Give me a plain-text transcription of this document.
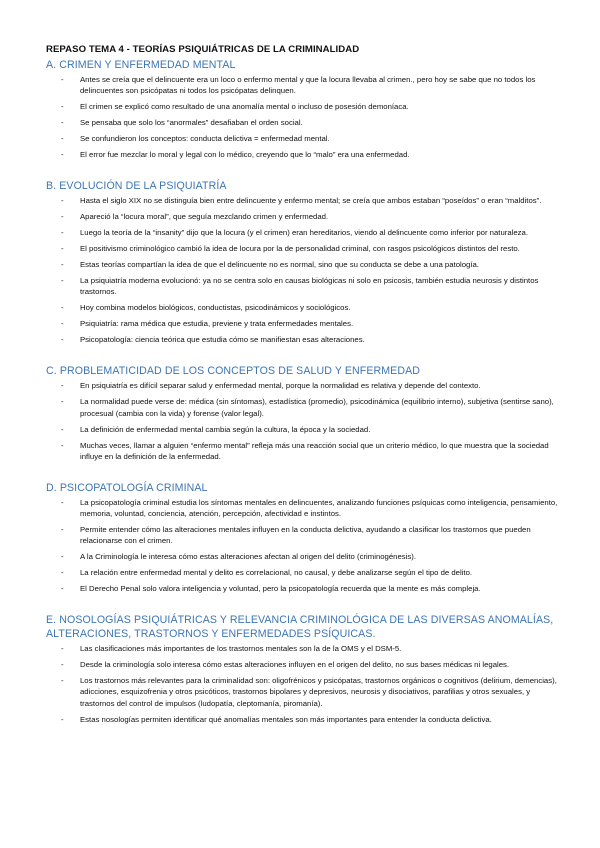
REPASO TEMA 4 - TEORÍAS PSIQUIÁTRICAS DE LA CRIMINALIDAD
A. CRIMEN Y ENFERMEDAD MENTAL
- Antes se creía que el delincuente era un loco o enfermo mental y que la locura llevaba al crimen., pero hoy se sabe que no todos los delincuentes son psicópatas ni todos los psicópatas delinquen.
- El crimen se explicó como resultado de una anomalía mental o incluso de posesión demoníaca.
- Se pensaba que solo los “anormales” desafiaban el orden social.
- Se confundieron los conceptos: conducta delictiva = enfermedad mental.
- El error fue mezclar lo moral y legal con lo médico, creyendo que lo “malo” era una enfermedad.
B. EVOLUCIÓN DE LA PSIQUIATRÍA
- Hasta el siglo XIX no se distinguía bien entre delincuente y enfermo mental; se creía que ambos estaban “poseídos” o eran “malditos”.
- Apareció la “locura moral”, que seguía mezclando crimen y enfermedad.
- Luego la teoría de la “insanity” dijo que la locura (y el crimen) eran hereditarios, viendo al delincuente como inferior por naturaleza.
- El positivismo criminológico cambió la idea de locura por la de personalidad criminal, con rasgos psicológicos distintos del resto.
- Estas teorías compartían la idea de que el delincuente no es normal, sino que su conducta se debe a una patología.
- La psiquiatría moderna evolucionó: ya no se centra solo en causas biológicas ni solo en psicosis, también estudia neurosis y distintos trastornos.
- Hoy combina modelos biológicos, conductistas, psicodinámicos y sociológicos.
- Psiquiatría: rama médica que estudia, previene y trata enfermedades mentales.
- Psicopatología: ciencia teórica que estudia cómo se manifiestan esas alteraciones.
C. PROBLEMATICIDAD DE LOS CONCEPTOS DE SALUD Y ENFERMEDAD
- En psiquiatría es difícil separar salud y enfermedad mental, porque la normalidad es relativa y depende del contexto.
- La normalidad puede verse de: médica (sin síntomas), estadística (promedio), psicodinámica (equilibrio interno), subjetiva (sentirse sano), procesual (cambia con la vida) y forense (valor legal).
- La definición de enfermedad mental cambia según la cultura, la época y la sociedad.
- Muchas veces, llamar a alguien “enfermo mental” refleja más una reacción social que un criterio médico, lo que muestra que la sociedad influye en la definición de la enfermedad.
D. PSICOPATOLOGÍA CRIMINAL
- La psicopatología criminal estudia los síntomas mentales en delincuentes, analizando funciones psíquicas como inteligencia, pensamiento, memoria, voluntad, conciencia, atención, percepción, afectividad e instintos.
- Permite entender cómo las alteraciones mentales influyen en la conducta delictiva, ayudando a clasificar los trastornos que pueden relacionarse con el crimen.
- A la Criminología le interesa cómo estas alteraciones afectan al origen del delito (criminogénesis).
- La relación entre enfermedad mental y delito es correlacional, no causal, y debe analizarse según el tipo de delito.
- El Derecho Penal solo valora inteligencia y voluntad, pero la psicopatología recuerda que la mente es más compleja.
E. NOSOLOGÍAS PSIQUIÁTRICAS Y RELEVANCIA CRIMINOLÓGICA DE LAS DIVERSAS ANOMALÍAS, ALTERACIONES, TRASTORNOS Y ENFERMEDADES PSÍQUICAS.
- Las clasificaciones más importantes de los trastornos mentales son la de la OMS y el DSM-5.
- Desde la criminología solo interesa cómo estas alteraciones influyen en el origen del delito, no sus bases médicas ni legales.
- Los trastornos más relevantes para la criminalidad son: oligofrénicos y psicópatas, trastornos orgánicos o cognitivos (delirium, demencias), adicciones, esquizofrenia y otros psicóticos, trastornos bipolares y depresivos, neurosis y disociativos, parafilias y otros sexuales, y trastornos del control de impulsos (ludopatía, cleptomanía, piromanía).
- Estas nosologías permiten identificar qué anomalías mentales son más importantes para entender la conducta delictiva.
